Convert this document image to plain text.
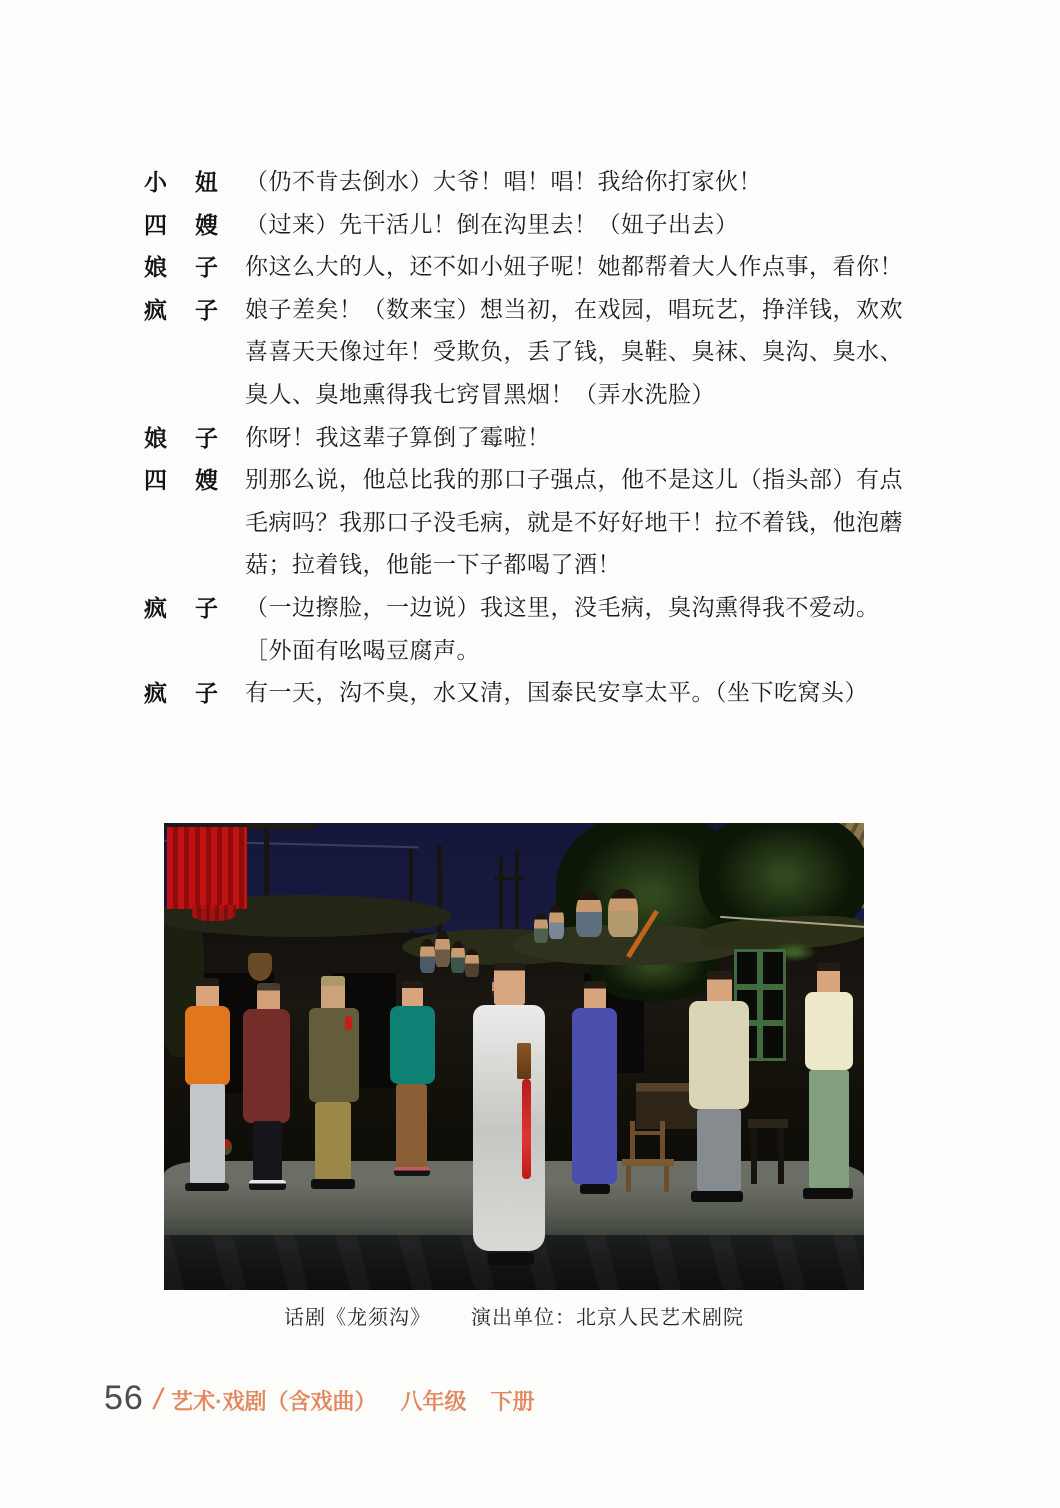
小妞 （仍不肯去倒水）大爷！唱！唱！我给你打家伙！
四嫂 （过来）先干活儿！倒在沟里去！（妞子出去）
娘子 你这么大的人，还不如小妞子呢！她都帮着大人作点事，看你！
疯子 娘子差矣！（数来宝）想当初，在戏园，唱玩艺，挣洋钱，欢欢喜喜天天像过年！受欺负，丢了钱，臭鞋、臭袜、臭沟、臭水、臭人、臭地熏得我七窍冒黑烟！（弄水洗脸）
娘子 你呀！我这辈子算倒了霉啦！
四嫂 别那么说，他总比我的那口子强点，他不是这儿（指头部）有点毛病吗？我那口子没毛病，就是不好好地干！拉不着钱，他泡蘑菇；拉着钱，他能一下子都喝了酒！
疯子 （一边擦脸，一边说）我这里，没毛病，臭沟熏得我不爱动。
［外面有吆喝豆腐声。
疯子 有一天，沟不臭，水又清，国泰民安享太平。（坐下吃窝头）

话剧《龙须沟》 演出单位：北京人民艺术剧院

56 / 艺术·戏剧（含戏曲） 八年级 下册
